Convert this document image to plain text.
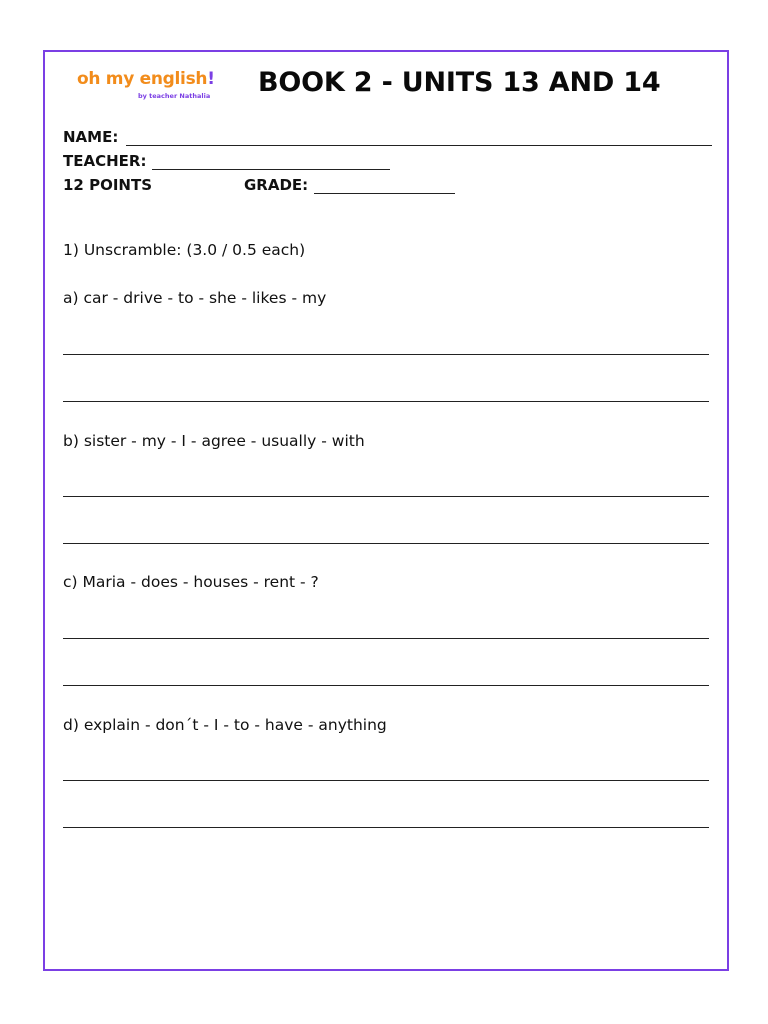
oh my english!
by teacher Nathalia BOOK 2 - UNITS 13 AND 14
NAME:
TEACHER:
12 POINTS	GRADE:
1) Unscramble: (3.0 / 0.5 each)
a) car - drive - to - she - likes - my
b) sister - my - I - agree - usually - with
c) Maria - does - houses - rent - ?
d) explain - don´t - I - to - have - anything
